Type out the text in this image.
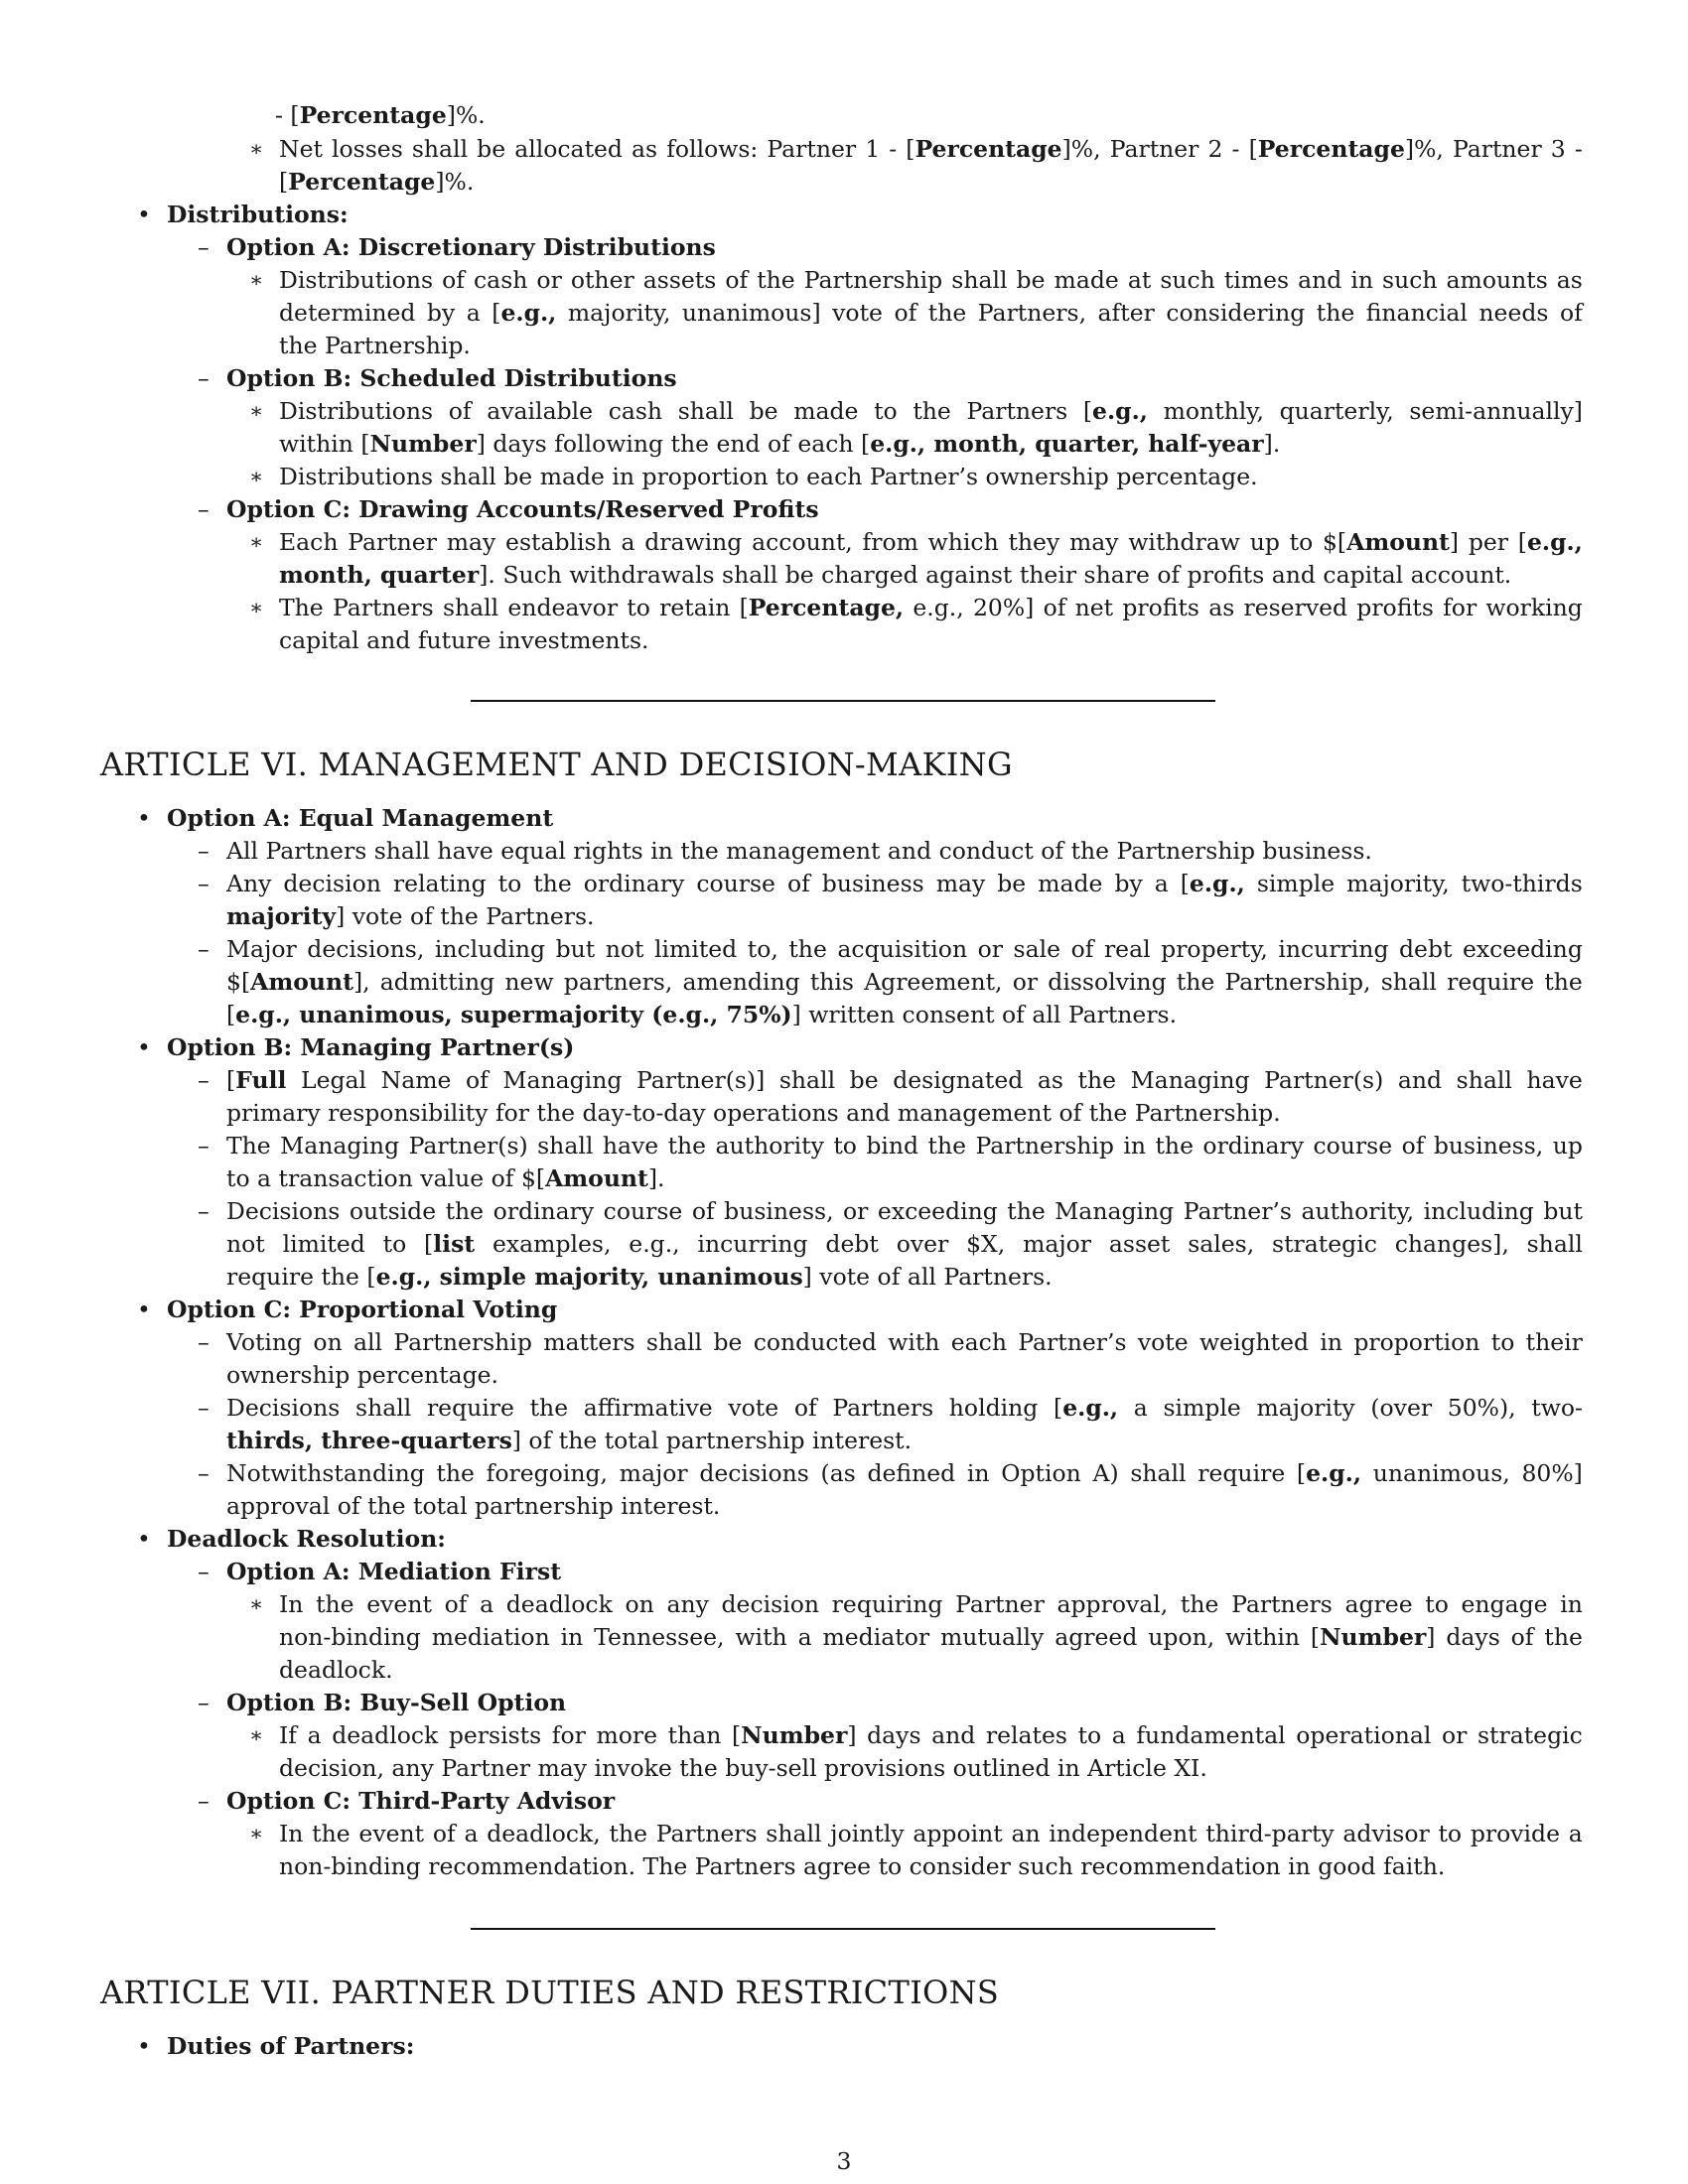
- [Percentage]%.
∗ Net losses shall be allocated as follows: Partner 1 - [Percentage]%, Partner 2 - [Percentage]%, Partner 3 -
[Percentage]%.
• Distributions:
– Option A: Discretionary Distributions
∗ Distributions of cash or other assets of the Partnership shall be made at such times and in such amounts as
determined by a [e.g., majority, unanimous] vote of the Partners, after considering the financial needs of
the Partnership.
– Option B: Scheduled Distributions
∗ Distributions of available cash shall be made to the Partners [e.g., monthly, quarterly, semi-annually]
within [Number] days following the end of each [e.g., month, quarter, half-year].
∗ Distributions shall be made in proportion to each Partner’s ownership percentage.
– Option C: Drawing Accounts/Reserved Profits
∗ Each Partner may establish a drawing account, from which they may withdraw up to $[Amount] per [e.g.,
month, quarter]. Such withdrawals shall be charged against their share of profits and capital account.
∗ The Partners shall endeavor to retain [Percentage, e.g., 20%] of net profits as reserved profits for working
capital and future investments.
ARTICLE VI. MANAGEMENT AND DECISION-MAKING
• Option A: Equal Management
– All Partners shall have equal rights in the management and conduct of the Partnership business.
– Any decision relating to the ordinary course of business may be made by a [e.g., simple majority, two-thirds
majority] vote of the Partners.
– Major decisions, including but not limited to, the acquisition or sale of real property, incurring debt exceeding
$[Amount], admitting new partners, amending this Agreement, or dissolving the Partnership, shall require the
[e.g., unanimous, supermajority (e.g., 75%)] written consent of all Partners.
• Option B: Managing Partner(s)
– [Full Legal Name of Managing Partner(s)] shall be designated as the Managing Partner(s) and shall have
primary responsibility for the day-to-day operations and management of the Partnership.
– The Managing Partner(s) shall have the authority to bind the Partnership in the ordinary course of business, up
to a transaction value of $[Amount].
– Decisions outside the ordinary course of business, or exceeding the Managing Partner’s authority, including but
not limited to [list examples, e.g., incurring debt over $X, major asset sales, strategic changes], shall
require the [e.g., simple majority, unanimous] vote of all Partners.
• Option C: Proportional Voting
– Voting on all Partnership matters shall be conducted with each Partner’s vote weighted in proportion to their
ownership percentage.
– Decisions shall require the affirmative vote of Partners holding [e.g., a simple majority (over 50%), two-
thirds, three-quarters] of the total partnership interest.
– Notwithstanding the foregoing, major decisions (as defined in Option A) shall require [e.g., unanimous, 80%]
approval of the total partnership interest.
• Deadlock Resolution:
– Option A: Mediation First
∗ In the event of a deadlock on any decision requiring Partner approval, the Partners agree to engage in
non-binding mediation in Tennessee, with a mediator mutually agreed upon, within [Number] days of the
deadlock.
– Option B: Buy-Sell Option
∗ If a deadlock persists for more than [Number] days and relates to a fundamental operational or strategic
decision, any Partner may invoke the buy-sell provisions outlined in Article XI.
– Option C: Third-Party Advisor
∗ In the event of a deadlock, the Partners shall jointly appoint an independent third-party advisor to provide a
non-binding recommendation. The Partners agree to consider such recommendation in good faith.
ARTICLE VII. PARTNER DUTIES AND RESTRICTIONS
• Duties of Partners:
3
